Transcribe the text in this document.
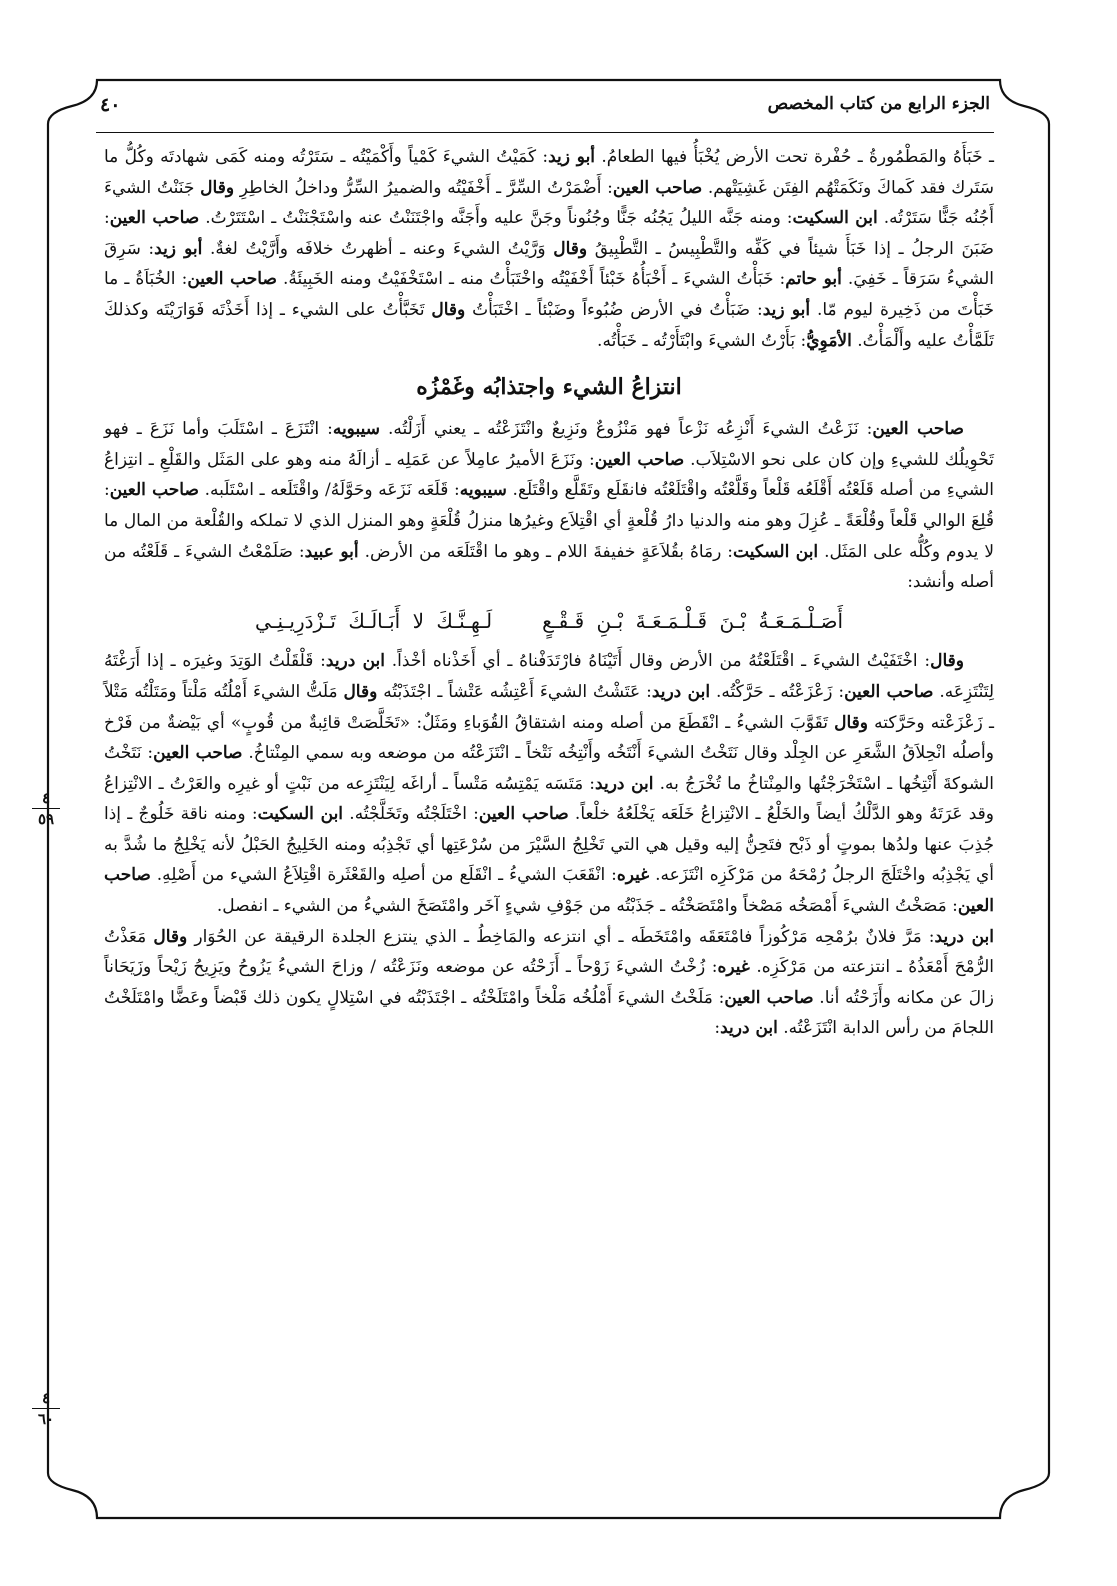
الجزء الرابع من كتاب المخصص
٤٠

ـ خَبَأَهُ والمَطْمُورةُ ـ حُفْرة تحت الأرض يُخْبَأُ فيها الطعامُ. أبو زيد: كَمَيْتُ الشيءَ كَمْياً وأَكْمَيْتُه ـ سَتَرْتُه ومنه كَمَى شهادتَه وكُلُّ ما سَتَرك فقد كَماكَ ونَكَمَتْهُم الفِتَن غَشِيَتْهم. صاحب العين: أَضْمَرْتُ السِّرَّ ـ أَخْفَيْتُه والضميرُ السِّرُّ وداخلُ الخاطِرِ وقال جَنَنْتُ الشيءَ أَجُنُه جَنًّا سَتَرْتُه. ابن السكيت: ومنه جَنَّه الليلُ يَجُنُه جَنًّا وجُنُوناً وجَنَّ عليه وأَجَنَّه واجْتَنَنْتُ عنه واسْتَجْنَنْتُ ـ اسْتَتَرْتُ. صاحب العين: ضَبَنَ الرجلُ ـ إذا خَبَأَ شيئاً في كَفِّه والتَّطْبِيسُ ـ التَّطْبِيقُ وقال وَرَّيْتُ الشيءَ وعنه ـ أظهرتُ خلافَه وأَرَّيْتُ لغةٌ. أبو زيد: سَرِقَ الشيءُ سَرَقاً ـ خَفِيَ. أبو حاتم: خَبَأْتُ الشيءَ ـ أَخْبَأُهُ خَبْئاً أَخْفَيْتُه واخْتَبَأْتُ منه ـ اسْتَخْفَيْتُ ومنه الخَبِيئَةُ. صاحب العين: الخُبَاَةُ ـ ما خَبَأْتَ من ذَخِيرة ليوم مّا. أبو زيد: ضَبَأْتُ في الأرض ضُبُوءاً وضَبْئاً ـ اخْتَبَأْتُ وقال تَخَبَّأْتُ على الشيء ـ إذا أَخَذْتَه فَوَارَيْتَه وكذلكَ تَلَمَّأْتُ عليه وأَلْمَأْتُ. الأمَوِيُّ: بَأَرْتُ الشيءَ وابْتَأَرْتُه ـ خَبَأْتُه.

انتزاعُ الشيء واجتذابُه وغَمْزُه

صاحب العين: نَزَعْتُ الشيءَ أَنْزِعُه نَزْعاً فهو مَنْزُوعٌ ونَزِيعٌ وانْتَزَعْتُه ـ يعني أَزَلْتُه. سيبويه: انْتَزَعَ ـ اسْتَلَبَ وأما نَزَعَ ـ فهو تَحْوِيلُك للشيءِ وإن كان على نحو الاسْتِلاَب. صاحب العين: ونَزَعَ الأميرُ عامِلاً عن عَمَلِه ـ أزالَهُ منه وهو على المَثَل والقَلْعِ ـ انتِزاعُ الشيءِ من أصله قَلَعْتُه أَقْلَعُه قَلْعاً وقَلَّعْتُه واقْتَلَعْتُه فانقَلَع وتَقَلَّع واقْتَلَع. سيبويه: قَلَعَه نَزَعَه وحَوَّلَهُ/ واقْتَلَعه ـ اسْتَلَبه. صاحب العين: قُلِعَ الوالي قَلْعاً وقُلْعَةً ـ عُزِلَ وهو منه والدنيا دارُ قُلْعةٍ أي اقْتِلاَع وغيرُها منزلُ قُلْعَةٍ وهو المنزل الذي لا تملكه والقُلْعة من المال ما لا يدوم وكُلُّه على المَثَل. ابن السكيت: رمَاهُ بقُلاَعَةٍ خفيفةَ اللام ـ وهو ما اقْتَلَعَه من الأرض. أبو عبيد: صَلَمْعْتُ الشيءَ ـ قَلَعْتُه من أصله وأنشد:

أَصَـلْـمَـعَـةُ بْـنَ قَـلْـمَـعَـةَ بْـنِ قَـقْـعٍلَـهِـنَّـكَ لا أَبَـالَـكَ تَـزْدَرِيـنِـي

وقال: اخْتَفَيْتُ الشيءَ ـ اقْتَلَعْتُهُ من الأرض وقال أَتَيْنَاهُ فارْتَدَفْناهُ ـ أي أَخَذْناه أخْذاً. ابن دريد: قَلْقَلْتُ الوَتِدَ وغيرَه ـ إذا أَرَغْتَهُ لِتَنْتَزِعَه. صاحب العين: زَعْزَعْتُه ـ حَرَّكْتُه. ابن دريد: عَتَشْتُ الشيءَ أَعْتِشُه عَتْشاً ـ اجْتَذَبْتُه وقال مَلَتُّ الشيءَ أَمْلُتُه مَلْتاً ومَتَلْتُه مَتْلاً ـ زَعْزَعْته وحَرَّكته وقال تَقَوَّبَ الشيءُ ـ انْقَطَعَ من أصله ومنه اشتقاقُ القُوَباءِ ومَثَلٌ: «تَخَلَّصَتْ قائِبةٌ من قُوبٍ» أي بَيْضةٌ من فَرْخ وأصلُه انْحِلاَقُ الشَّعَرِ عن الجِلْد وقال نَتَخْتُ الشيءَ أَنْتَخُه وأَنْتِخُه نَتْخاً ـ انْتَزَعْتُه من موضعه وبه سمي المِنْتاخُ. صاحب العين: نَتَخْتُ الشوكةَ أَنْتِخُها ـ اسْتَخْرَجْتُها والمِنْتاخُ ما تُخْرَجُ به. ابن دريد: مَتَسَه يَمْتِسُه مَتْساً ـ أراغَه لِيَنْتَزِعه من نَبْتٍ أو غيرِه والعَرْتُ ـ الانْتِزاعُ وقد عَرَتَهُ وهو الدَّلْكُ أيضاً والخَلْعُ ـ الانْتِزاعُ خَلَعَه يَخْلَعُهُ خلْعاً. صاحب العين: اخْتَلَجْتُه وتَخَلَّجْتُه. ابن السكيت: ومنه ناقة خَلُوجٌ ـ إذا جُذِبَ عنها ولدُها بموتٍ أو ذَبْح فتَحِنُّ إليه وقيل هي التي تَخْلِجُ السَّيْرَ من سُرْعَتِها أي تَجْذِبُه ومنه الخَلِيجُ الحَبْلُ لأنه يَخْلِجُ ما شُدَّ به أي يَجْذِبُه واخْتَلَجَ الرجلُ رُمْحَهُ من مَرْكَزِه انْتَزَعه. غيره: انْقَعَبَ الشيءُ ـ انْقَلَع من أصلِه والقَعْثَرة اقْتِلاَعُ الشيء من أَصْلِهِ. صاحب العين: مَصَخْتُ الشيءَ أَمْصَخُه مَصْخاً وامْتَصَخْتُه ـ جَذَبْتُه من جَوْفِ شيءٍ آخَر وامْتَصَخَ الشيءُ من الشيء ـ انفصل.

ابن دريد: مَرَّ فلانٌ برُمْحِه مَرْكُوزاً فامْتَعَقَه وامْتَخَطَه ـ أي انتزعه والمَاخِطُ ـ الذي ينتزع الجلدة الرقيقة عن الحُوَار وقال مَعَذْتُ الرُّمْحَ أَمْعَذُهُ ـ انتزعته من مَرْكَزِه. غيره: زُخْتُ الشيءَ زَوْحاً ـ أَزَحْتُه عن موضعه ونَزَعْتُه / وزاحَ الشيءُ يَزُوحُ ويَزِيحُ زَيْحاً وزَيَحَاناً زالَ عن مكانه وأَزَحْتُه أنا. صاحب العين: مَلَخْتُ الشيءَ أَمْلُخُه مَلْخاً وامْتَلَخْتُه ـ اجْتَذَبْتُه في اسْتِلالٍ يكون ذلك قَبْضاً وعَضًّا وامْتَلَخْتُ اللجامَ من رأس الدابة انْتَزَعْتُه. ابن دريد:

٤
٥٩
٤
٦٠
